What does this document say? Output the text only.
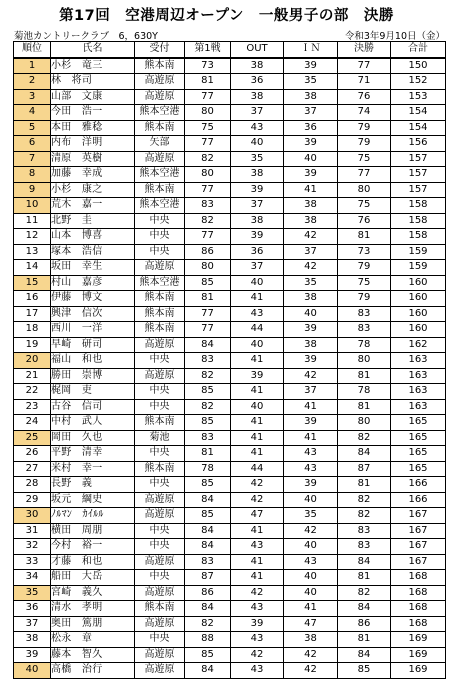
第17回　空港周辺オープン　一般男子の部　決勝
菊池カントリークラブ　6，630Y	令和3年9月10日（金）
順位	氏名	受付	第1戦	OUT	ＩＮ	決勝	合計
1	小杉　竜三	熊本南	73	38	39	77	150
2	林　将司	高遊原	81	36	35	71	152
3	山部　文康	高遊原	77	38	38	76	153
4	今田　浩一	熊本空港	80	37	37	74	154
5	本田　雅稔	熊本南	75	43	36	79	154
6	内布　洋明	矢部	77	40	39	79	156
7	清原　英樹	高遊原	82	35	40	75	157
8	加藤　幸成	熊本空港	80	38	39	77	157
9	小杉　康之	熊本南	77	39	41	80	157
10	荒木　嘉一	熊本空港	83	37	38	75	158
11	北野　圭	中央	82	38	38	76	158
12	山本　博喜	中央	77	39	42	81	158
13	塚本　浩信	中央	86	36	37	73	159
14	坂田　幸生	高遊原	80	37	42	79	159
15	村山　嘉彦	熊本空港	85	40	35	75	160
16	伊藤　博文	熊本南	81	41	38	79	160
17	興津　信次	熊本南	77	43	40	83	160
18	西川　一洋	熊本南	77	44	39	83	160
19	早崎　研司	高遊原	84	40	38	78	162
20	福山　和也	中央	83	41	39	80	163
21	勝田　崇博	高遊原	82	39	42	81	163
22	梶岡　吏	中央	85	41	37	78	163
23	古谷　信司	中央	82	40	41	81	163
24	中村　武人	熊本南	85	41	39	80	165
25	岡田　久也	菊池	83	41	41	82	165
26	平野　清幸	中央	81	41	43	84	165
27	米村　幸一	熊本南	78	44	43	87	165
28	長野　義	中央	85	42	39	81	166
29	坂元　綱史	高遊原	84	42	40	82	166
30	ﾉﾙﾏﾝ　ｶｲﾙﾙ	高遊原	85	47	35	82	167
31	横田　周朋	中央	84	41	42	83	167
32	今村　裕一	中央	84	43	40	83	167
33	才藤　和也	高遊原	83	41	43	84	167
34	船田　大岳	中央	87	41	40	81	168
35	宮崎　義久	高遊原	86	42	40	82	168
36	清水　孝明	熊本南	84	43	41	84	168
37	奥田　篤朋	高遊原	82	39	47	86	168
38	松永　章	中央	88	43	38	81	169
39	藤本　智久	高遊原	85	42	42	84	169
40	高橋　治行	高遊原	84	43	42	85	169
